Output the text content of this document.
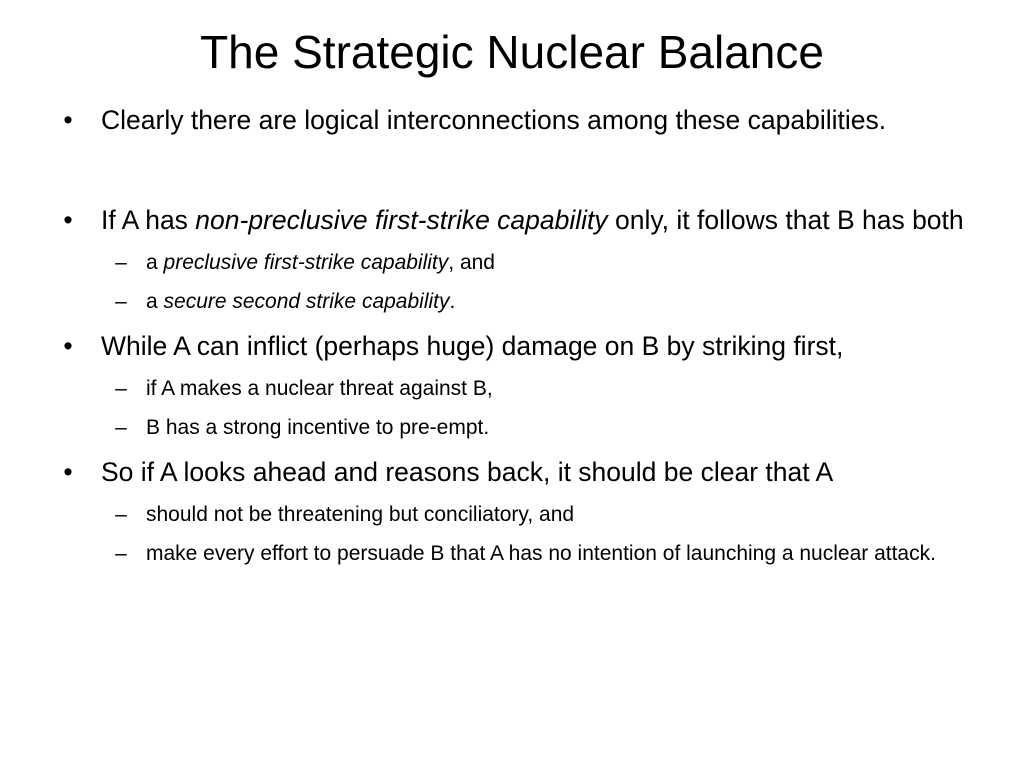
The Strategic Nuclear Balance
• Clearly there are logical interconnections among these capabilities.
• If A has non-preclusive first-strike capability only, it follows that B has both
– a preclusive first-strike capability, and
– a secure second strike capability.
• While A can inflict (perhaps huge) damage on B by striking first,
– if A makes a nuclear threat against B,
– B has a strong incentive to pre-empt.
• So if A looks ahead and reasons back, it should be clear that A
– should not be threatening but conciliatory, and
– make every effort to persuade B that A has no intention of launching a nuclear attack.
